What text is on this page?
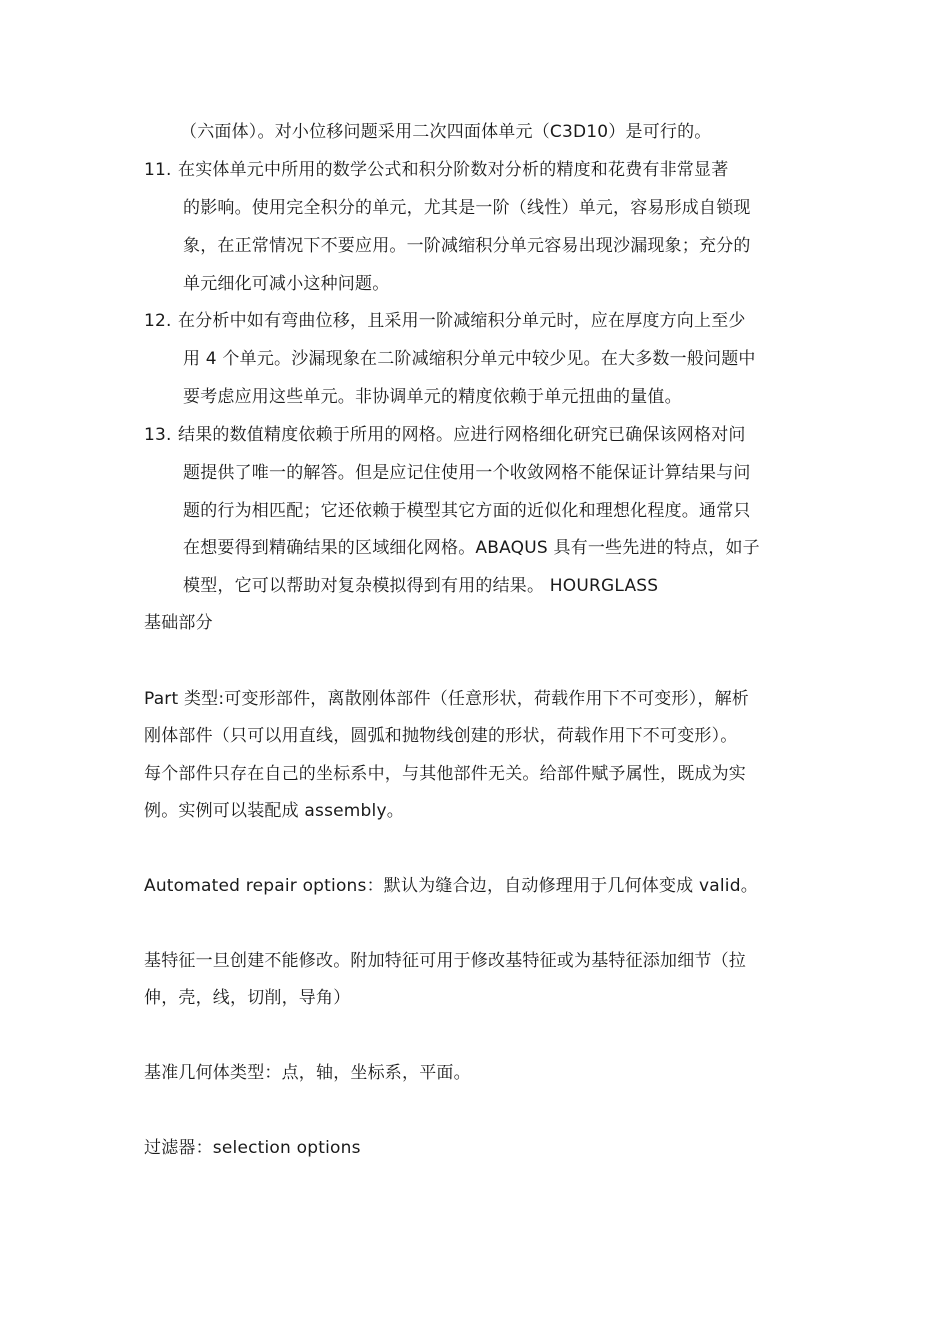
（六面体）。对小位移问题采用二次四面体单元（C3D10）是可行的。
11. 在实体单元中所用的数学公式和积分阶数对分析的精度和花费有非常显著
的影响。使用完全积分的单元，尤其是一阶（线性）单元，容易形成自锁现
象，在正常情况下不要应用。一阶减缩积分单元容易出现沙漏现象；充分的
单元细化可减小这种问题。
12. 在分析中如有弯曲位移，且采用一阶减缩积分单元时，应在厚度方向上至少
用 4 个单元。沙漏现象在二阶减缩积分单元中较少见。在大多数一般问题中
要考虑应用这些单元。非协调单元的精度依赖于单元扭曲的量值。
13. 结果的数值精度依赖于所用的网格。应进行网格细化研究已确保该网格对问
题提供了唯一的解答。但是应记住使用一个收敛网格不能保证计算结果与问
题的行为相匹配；它还依赖于模型其它方面的近似化和理想化程度。通常只
在想要得到精确结果的区域细化网格。ABAQUS 具有一些先进的特点，如子
模型，它可以帮助对复杂模拟得到有用的结果。 HOURGLASS
基础部分
Part 类型:可变形部件，离散刚体部件（任意形状，荷载作用下不可变形），解析
刚体部件（只可以用直线，圆弧和抛物线创建的形状，荷载作用下不可变形）。
每个部件只存在自己的坐标系中，与其他部件无关。给部件赋予属性，既成为实
例。实例可以装配成 assembly。
Automated repair options：默认为缝合边，自动修理用于几何体变成 valid。
基特征一旦创建不能修改。附加特征可用于修改基特征或为基特征添加细节（拉
伸，壳，线，切削，导角）
基准几何体类型：点，轴，坐标系，平面。
过滤器：selection options
